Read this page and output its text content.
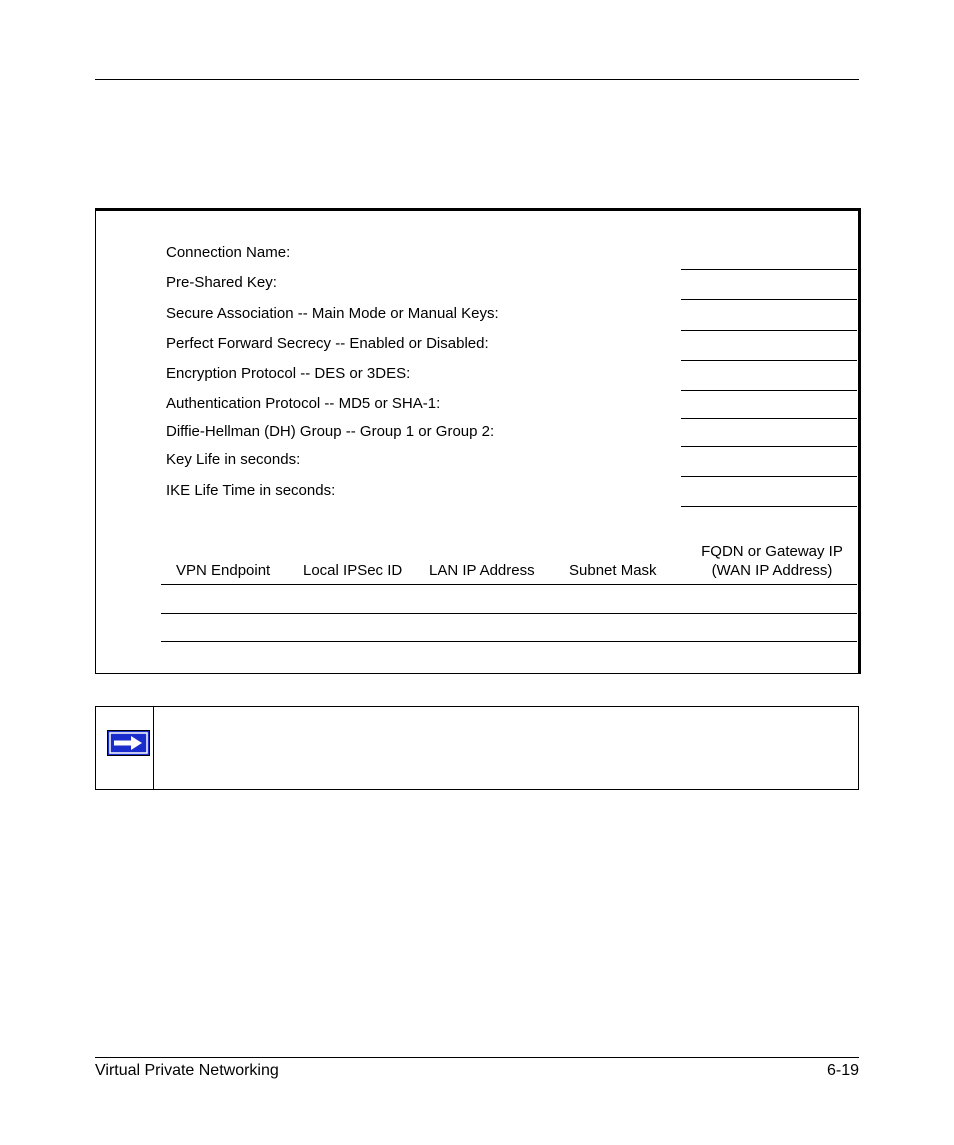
Connection Name:
Pre-Shared Key:
Secure Association -- Main Mode or Manual Keys:
Perfect Forward Secrecy -- Enabled or Disabled:
Encryption Protocol -- DES or 3DES:
Authentication Protocol -- MD5 or SHA-1:
Diffie-Hellman (DH) Group -- Group 1 or Group 2:
Key Life in seconds:
IKE Life Time in seconds:
VPN Endpoint Local IPSec ID LAN IP Address Subnet Mask
FQDN or Gateway IP
(WAN IP Address)
Virtual Private Networking	6-19
